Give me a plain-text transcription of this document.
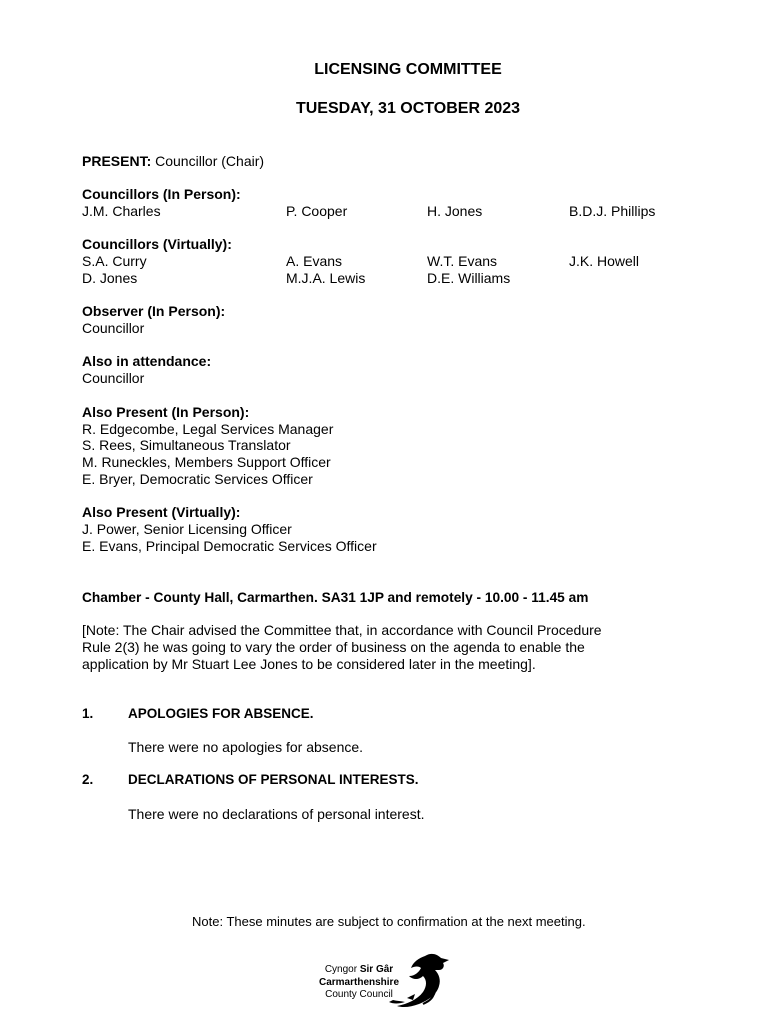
LICENSING COMMITTEE
TUESDAY, 31 OCTOBER 2023
PRESENT: Councillor (Chair)
Councillors (In Person):
J.M. Charles	P. Cooper	H. Jones	B.D.J. Phillips
Councillors (Virtually):
S.A. Curry	A. Evans	W.T. Evans	J.K. Howell
D. Jones	M.J.A. Lewis	D.E. Williams
Observer (In Person):
Councillor
Also in attendance:
Councillor
Also Present (In Person):
R. Edgecombe, Legal Services Manager
S. Rees, Simultaneous Translator
M. Runeckles, Members Support Officer
E. Bryer, Democratic Services Officer
Also Present (Virtually):
J. Power, Senior Licensing Officer
E. Evans, Principal Democratic Services Officer
Chamber - County Hall, Carmarthen. SA31 1JP and remotely - 10.00 - 11.45 am
[Note: The Chair advised the Committee that, in accordance with Council Procedure
Rule 2(3) he was going to vary the order of business on the agenda to enable the
application by Mr Stuart Lee Jones to be considered later in the meeting].
1.	APOLOGIES FOR ABSENCE.
There were no apologies for absence.
2.	DECLARATIONS OF PERSONAL INTERESTS.
There were no declarations of personal interest.
Note: These minutes are subject to confirmation at the next meeting.
Cyngor Sir Gâr
Carmarthenshire
County Council
